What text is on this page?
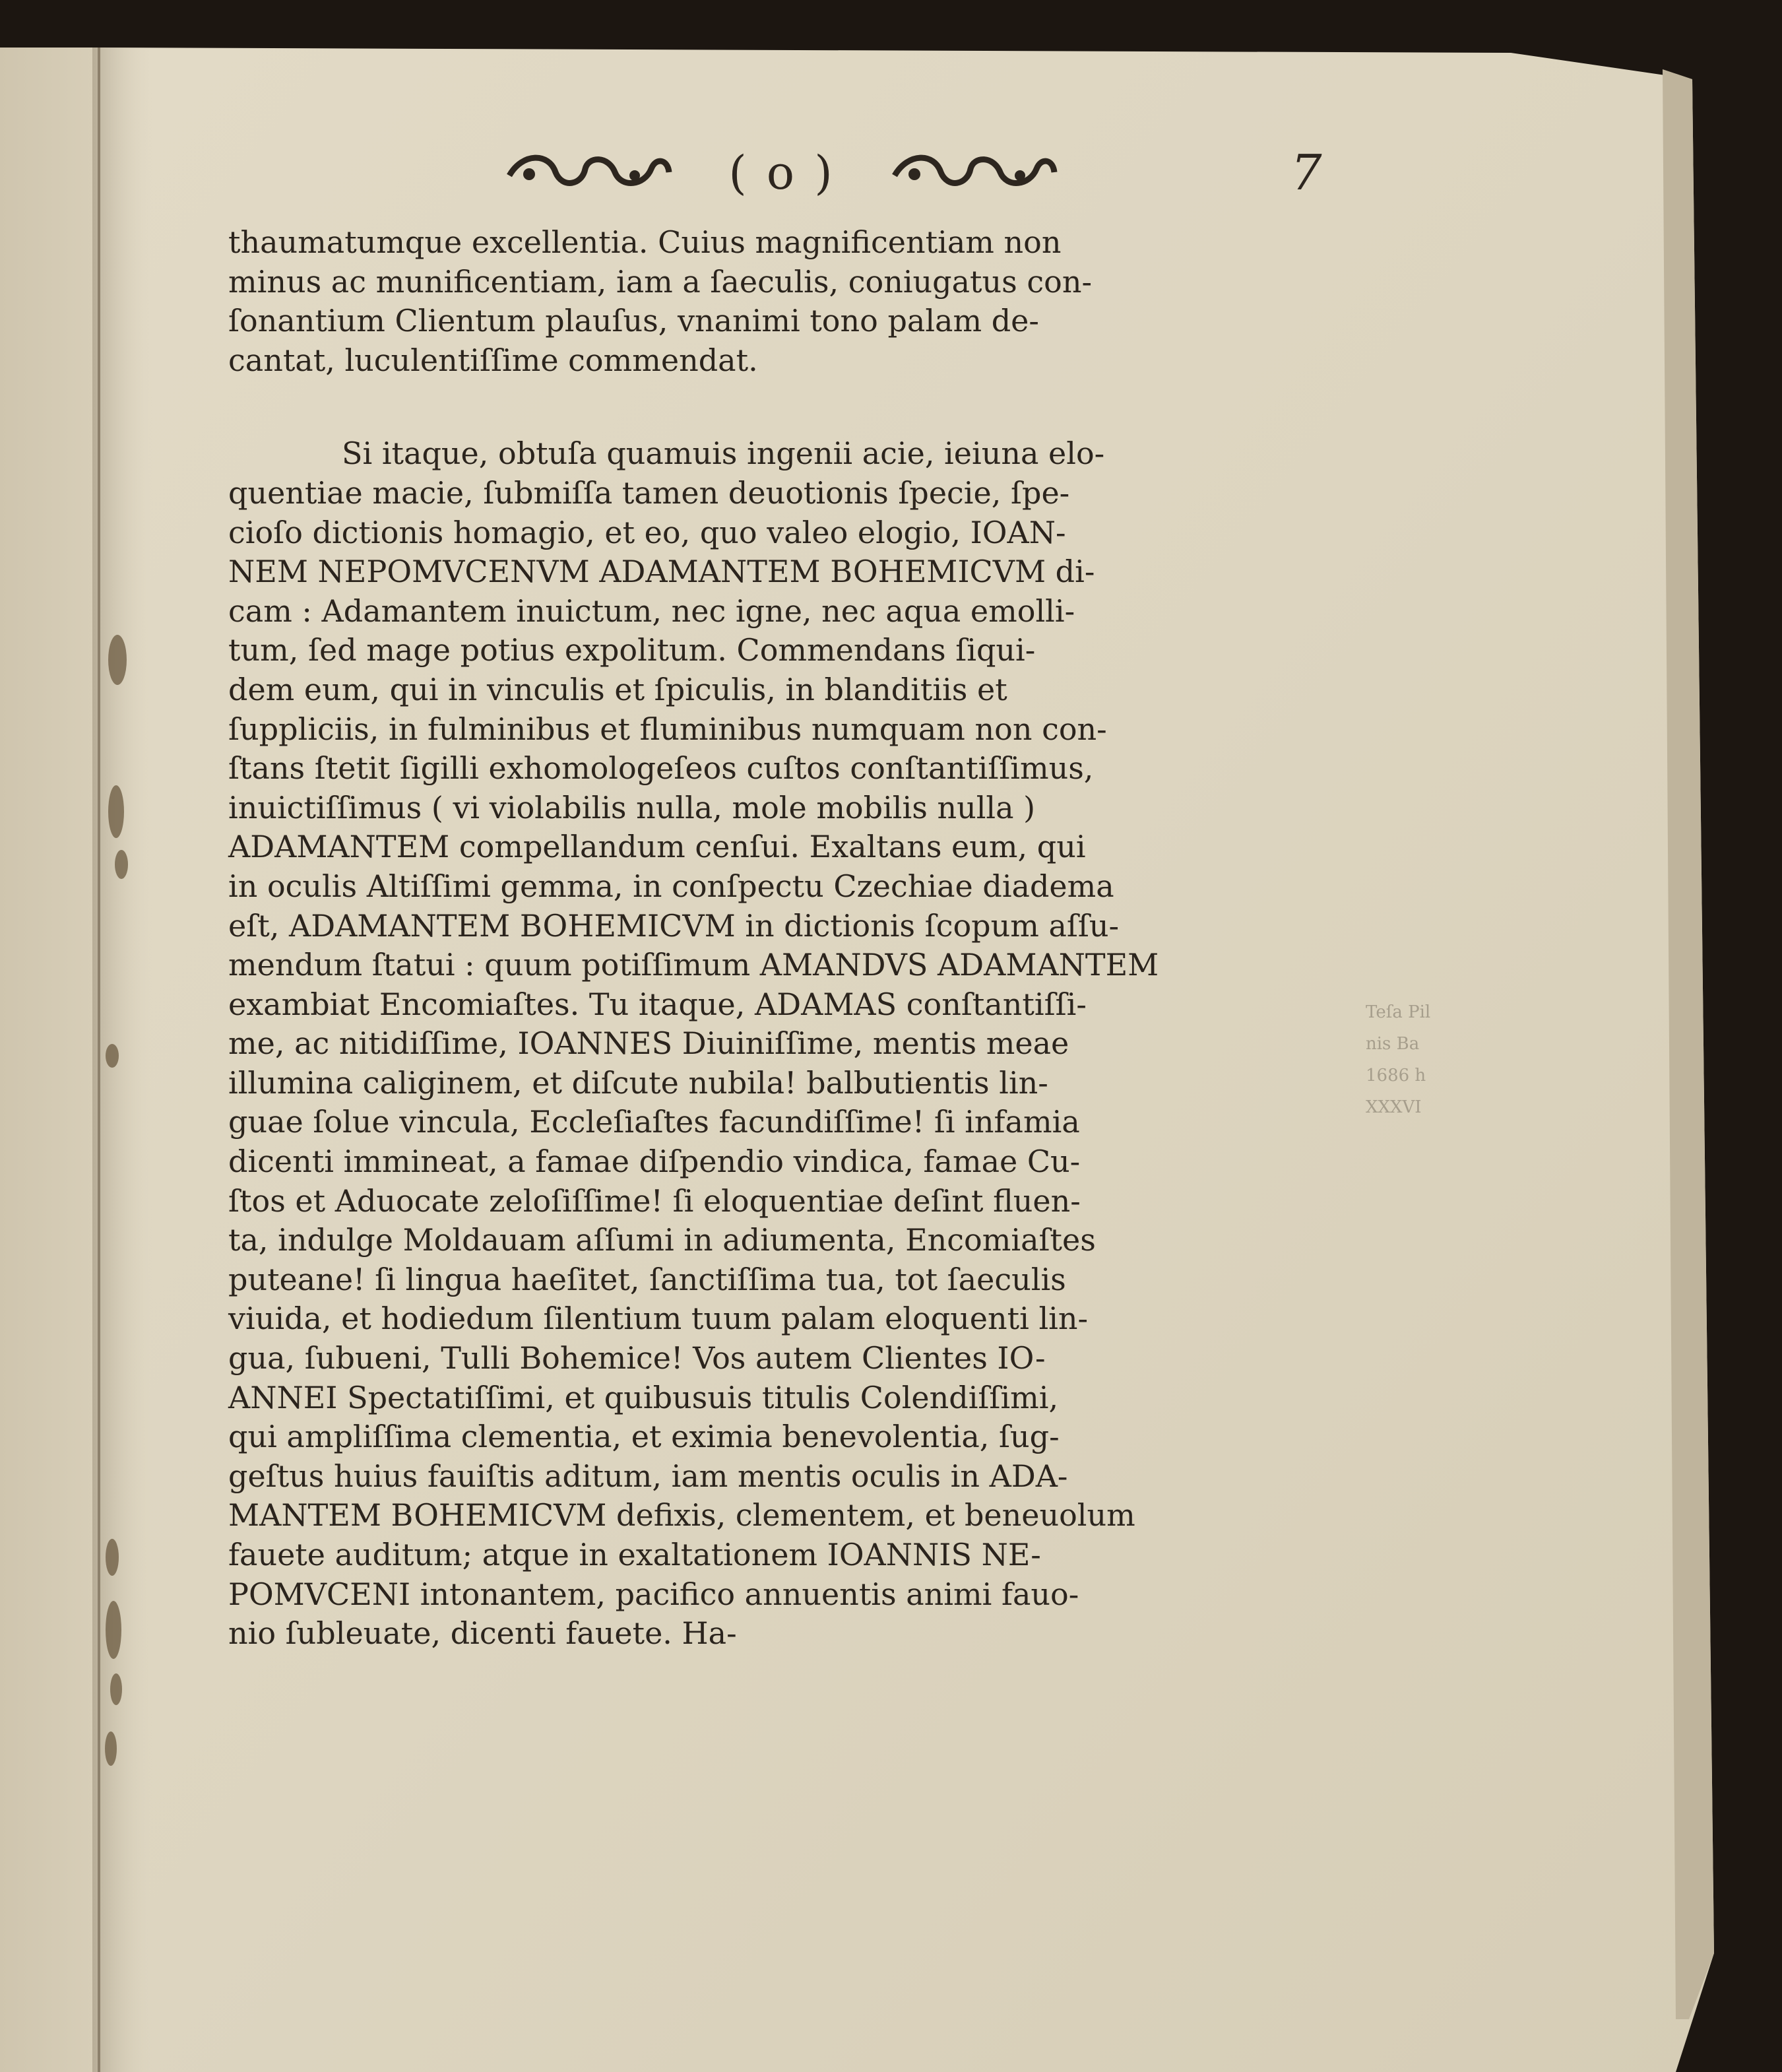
( o )	7
thaumatumque excellentia. Cuius magnificentiam non
minus ac munificentiam, iam a ſaeculis, coniugatus con-
ſonantium Clientum plauſus, vnanimi tono palam de-
cantat, luculentiſſime commendat.
Si itaque, obtuſa quamuis ingenii acie, ieiuna elo-
quentiae macie, ſubmiſſa tamen deuotionis ſpecie, ſpe-
cioſo dictionis homagio, et eo, quo valeo elogio, IOAN-
NEM NEPOMVCENVM ADAMANTEM BOHEMICVM di-
cam : Adamantem inuictum, nec igne, nec aqua emolli-
tum, ſed mage potius expolitum. Commendans ſiqui-
dem eum, qui in vinculis et ſpiculis, in blanditiis et
ſuppliciis, in fulminibus et fluminibus numquam non con-
ſtans ſtetit ſigilli exhomologeſeos cuſtos conſtantiſſimus,
inuictiſſimus ( vi violabilis nulla, mole mobilis nulla )
ADAMANTEM compellandum cenſui. Exaltans eum, qui
in oculis Altiſſimi gemma, in conſpectu Czechiae diadema
eſt, ADAMANTEM BOHEMICVM in dictionis ſcopum aſſu-
mendum ſtatui : quum potiſſimum AMANDVS ADAMANTEM
exambiat Encomiaſtes. Tu itaque, ADAMAS conſtantiſſi-
me, ac nitidiſſime, IOANNES Diuiniſſime, mentis meae
illumina caliginem, et diſcute nubila! balbutientis lin-
guae ſolue vincula, Eccleſiaſtes facundiſſime! ſi infamia
dicenti immineat, a famae diſpendio vindica, famae Cu-
ſtos et Aduocate zeloſiſſime! ſi eloquentiae deſint fluen-
ta, indulge Moldauam aſſumi in adiumenta, Encomiaſtes
puteane! ſi lingua haeſitet, ſanctiſſima tua, tot ſaeculis
viuida, et hodiedum ſilentium tuum palam eloquenti lin-
gua, ſubueni, Tulli Bohemice! Vos autem Clientes IO-
ANNEI Spectatiſſimi, et quibusuis titulis Colendiſſimi,
qui ampliſſima clementia, et eximia benevolentia, ſug-
geſtus huius fauiſtis aditum, iam mentis oculis in ADA-
MANTEM BOHEMICVM defixis, clementem, et beneuolum
fauete auditum; atque in exaltationem IOANNIS NE-
POMVCENI intonantem, pacifico annuentis animi fauo-
nio ſubleuate, dicenti fauete. Ha-
Teſa Pil
nis Ba
1686 h
XXXVI
